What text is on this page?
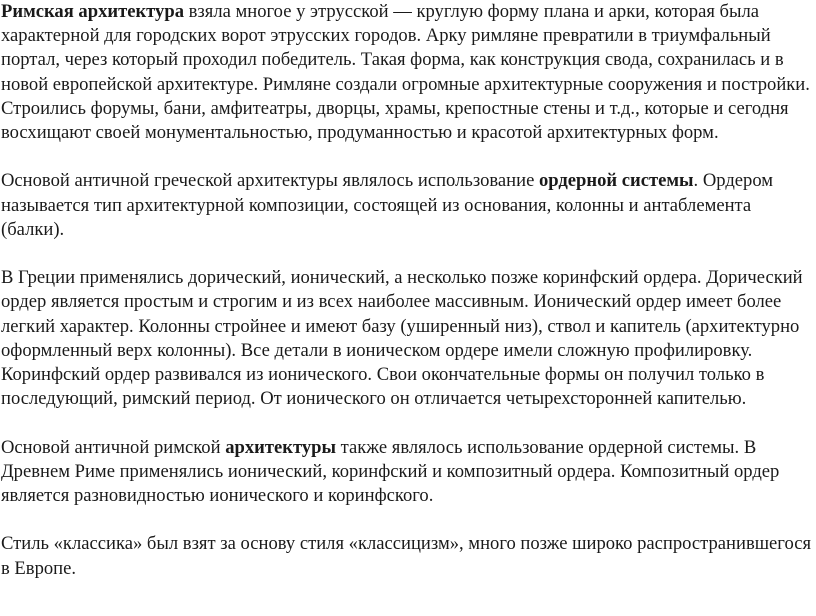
Римская архитектура взяла многое у этрусской — круглую форму плана и арки, которая была характерной для городских ворот этрусских городов. Арку римляне превратили в триумфальный портал, через который проходил победитель. Такая форма, как конструкция свода, сохранилась и в новой европейской архитектуре. Римляне создали огромные архитектурные сооружения и постройки. Строились форумы, бани, амфитеатры, дворцы, храмы, крепостные стены и т.д., которые и сегодня восхищают своей монументальностью, продуманностью и красотой архитектурных форм.

Основой античной греческой архитектуры являлось использование ордерной системы. Ордером называется тип архитектурной композиции, состоящей из основания, колонны и антаблемента (балки).

В Греции применялись дорический, ионический, а несколько позже коринфский ордера. Дорический ордер является простым и строгим и из всех наиболее массивным. Ионический ордер имеет более легкий характер. Колонны стройнее и имеют базу (уширенный низ), ствол и капитель (архитектурно оформленный верх колонны). Все детали в ионическом ордере имели сложную профилировку. Коринфский ордер развивался из ионического. Свои окончательные формы он получил только в последующий, римский период. От ионического он отличается четырехсторонней капителью.

Основой античной римской архитектуры также являлось использование ордерной системы. В Древнем Риме применялись ионический, коринфский и композитный ордера. Композитный ордер является разновидностью ионического и коринфского.

Стиль «классика» был взят за основу стиля «классицизм», много позже широко распространившегося в Европе.
